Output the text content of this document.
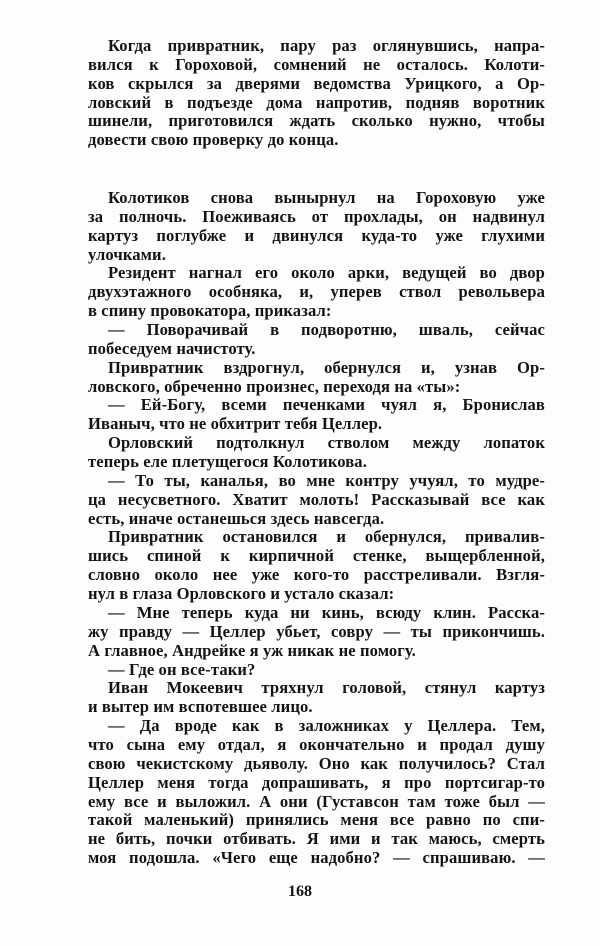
168
Когда привратник, пару раз оглянувшись, напра-
вился к Гороховой, сомнений не осталось. Колоти-
ков скрылся за дверями ведомства Урицкого, а Ор-
ловский в подъезде дома напротив, подняв воротник
шинели, приготовился ждать сколько нужно, чтобы
довести свою проверку до конца.
Колотиков снова вынырнул на Гороховую уже
за полночь. Поеживаясь от прохлады, он надвинул
картуз поглубже и двинулся куда-то уже глухими
улочками.
Резидент нагнал его около арки, ведущей во двор
двухэтажного особняка, и, уперев ствол револьвера
в спину провокатора, приказал:
— Поворачивай в подворотню, шваль, сейчас
побеседуем начистоту.
Привратник вздрогнул, обернулся и, узнав Ор-
ловского, обреченно произнес, переходя на «ты»:
— Ей-Богу, всеми печенками чуял я, Бронислав
Иваныч, что не обхитрит тебя Целлер.
Орловский подтолкнул стволом между лопаток
теперь еле плетущегося Колотикова.
— То ты, каналья, во мне контру учуял, то мудре-
ца несусветного. Хватит молоть! Рассказывай все как
есть, иначе останешься здесь навсегда.
Привратник остановился и обернулся, привалив-
шись спиной к кирпичной стенке, выщербленной,
словно около нее уже кого-то расстреливали. Взгля-
нул в глаза Орловского и устало сказал:
— Мне теперь куда ни кинь, всюду клин. Расска-
жу правду — Целлер убьет, совру — ты прикончишь.
А главное, Андрейке я уж никак не помогу.
— Где он все-таки?
Иван Мокеевич тряхнул головой, стянул картуз
и вытер им вспотевшее лицо.
— Да вроде как в заложниках у Целлера. Тем,
что сына ему отдал, я окончательно и продал душу
свою чекистскому дьяволу. Оно как получилось? Стал
Целлер меня тогда допрашивать, я про портсигар-то
ему все и выложил. А они (Густавсон там тоже был —
такой маленький) принялись меня все равно по спи-
не бить, почки отбивать. Я ими и так маюсь, смерть
моя подошла. «Чего еще надобно? — спрашиваю. —
